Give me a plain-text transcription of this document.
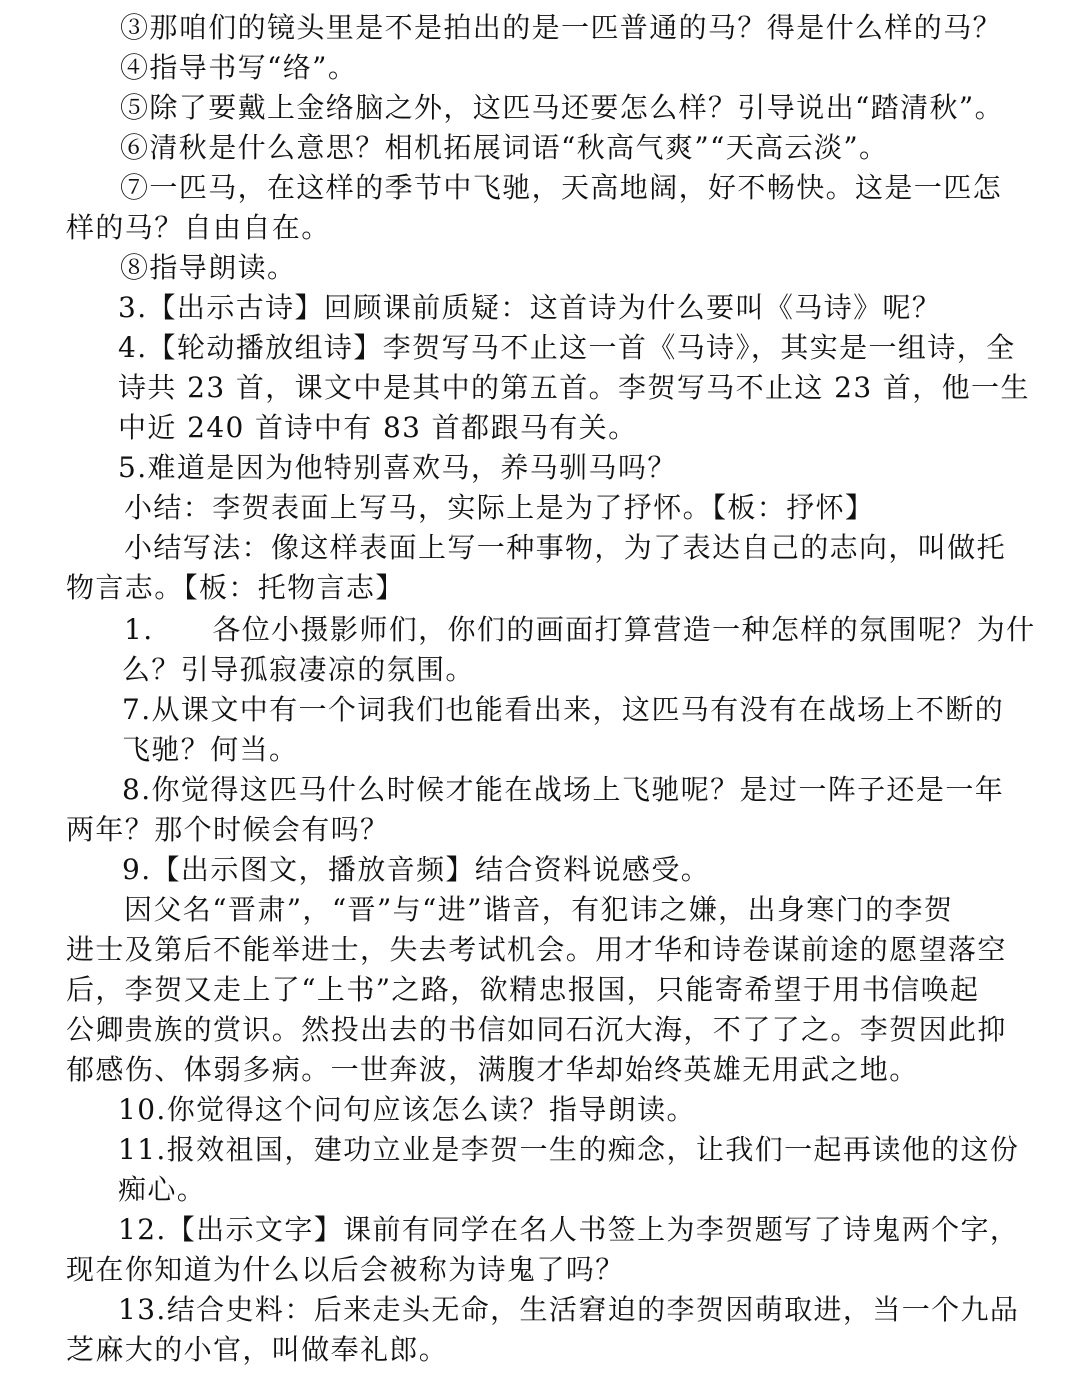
③那咱们的镜头里是不是拍出的是一匹普通的马？得是什么样的马？
④指导书写“络”。
⑤除了要戴上金络脑之外，这匹马还要怎么样？引导说出“踏清秋”。
⑥清秋是什么意思？相机拓展词语“秋高气爽”“天高云淡”。
⑦一匹马，在这样的季节中飞驰，天高地阔，好不畅快。这是一匹怎
样的马？自由自在。
⑧指导朗读。
3.【出示古诗】回顾课前质疑：这首诗为什么要叫《马诗》呢？
4.【轮动播放组诗】李贺写马不止这一首《马诗》，其实是一组诗，全
诗共 23 首，课文中是其中的第五首。李贺写马不止这 23 首，他一生
中近 240 首诗中有 83 首都跟马有关。
5.难道是因为他特别喜欢马，养马驯马吗？
小结：李贺表面上写马，实际上是为了抒怀。【板：抒怀】
小结写法：像这样表面上写一种事物，为了表达自己的志向，叫做托
物言志。【板：托物言志】
1.　　各位小摄影师们，你们的画面打算营造一种怎样的氛围呢？为什
么？引导孤寂凄凉的氛围。
7.从课文中有一个词我们也能看出来，这匹马有没有在战场上不断的
飞驰？何当。
8.你觉得这匹马什么时候才能在战场上飞驰呢？是过一阵子还是一年
两年？那个时候会有吗？
9.【出示图文，播放音频】结合资料说感受。
因父名“晋肃”，“晋”与“进”谐音，有犯讳之嫌，出身寒门的李贺
进士及第后不能举进士，失去考试机会。用才华和诗卷谋前途的愿望落空
后，李贺又走上了“上书”之路，欲精忠报国，只能寄希望于用书信唤起
公卿贵族的赏识。然投出去的书信如同石沉大海，不了了之。李贺因此抑
郁感伤、体弱多病。一世奔波，满腹才华却始终英雄无用武之地。
10.你觉得这个问句应该怎么读？指导朗读。
11.报效祖国，建功立业是李贺一生的痴念，让我们一起再读他的这份
痴心。
12.【出示文字】课前有同学在名人书签上为李贺题写了诗鬼两个字，
现在你知道为什么以后会被称为诗鬼了吗？
13.结合史料：后来走头无命，生活窘迫的李贺因萌取进，当一个九品
芝麻大的小官，叫做奉礼郎。
